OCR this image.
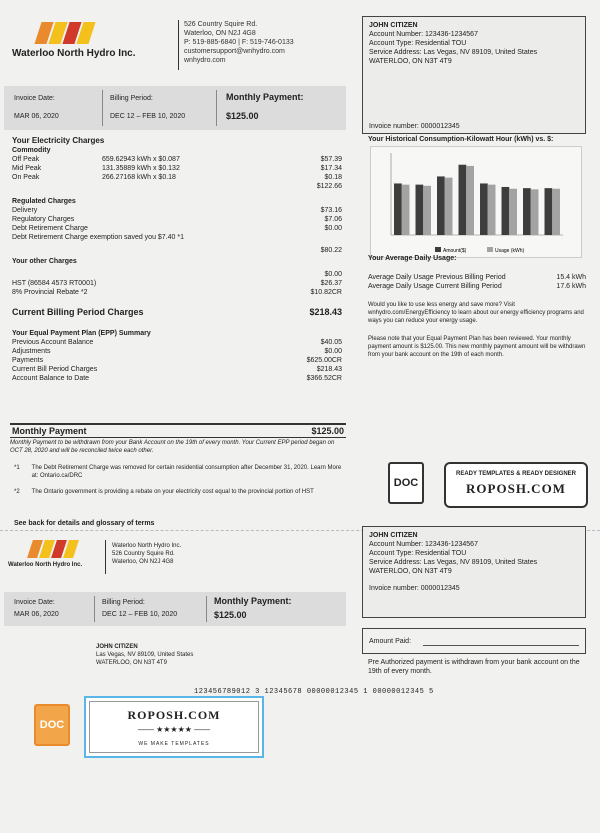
Waterloo North Hydro Inc.
526 Country Squire Rd.
Waterloo, ON N2J 4G8
P: 519-885-6840 | F: 519-746-0133
customersupport@wnhydro.com
wnhydro.com
JOHN CITIZEN
Account Number: 123436-1234567
Account Type: Residential TOU
Service Address: Las Vegas, NV 89109, United States
WATERLOO, ON N3T 4T9
Invoice number: 0000012345
Invoice Date:
MAR 06, 2020
Billing Period:
DEC 12 – FEB 10, 2020
Monthly Payment:
$125.00
Your Electricity Charges
Commodity
Off Peak	659.62943 kWh x $0.087	$57.39
Mid Peak	131.35889 kWh x $0.132	$17.34
On Peak	266.27168 kWh x $0.18	$0.18
$122.66
Regulated Charges
Delivery	$73.16
Regulatory Charges	$7.06
Debt Retirement Charge	$0.00
Debt Retirement Charge exemption saved you $7.40 *1
$80.22
Your other Charges
$0.00
HST (86584 4573 RT0001)	$26.37
8% Provincial Rebate *2	$10.82CR
Current Billing Period Charges	$218.43
Your Equal Payment Plan (EPP) Summary
Previous Account Balance	$40.05
Adjustments	$0.00
Payments	$625.00CR
Current Bill Period Charges	$218.43
Account Balance to Date	$366.52CR
Monthly Payment	$125.00
Monthly Payment to be withdrawn from your Bank Account on the 19th of every month. Your Current EPP period began on OCT 28, 2020 and will be reconciled twice each other.
*1 The Debt Retirement Charge was removed for certain residential consumption after December 31, 2020. Learn More at: Ontario.ca/DRC
*2 The Ontario government is providing a rebate on your electricity cost equal to the provincial portion of HST
See back for details and glossary of terms
Your Historical Consumption-Kilowatt Hour (kWh) vs. $:
Amount($)	Usage (kWh)
Your Average Daily Usage:
Average Daily Usage Previous Billing Period	15.4 kWh
Average Daily Usage Current Billing Period	17.6 kWh
Would you like to use less energy and save more? Visit wnhydro.com/EnergyEfficiency to learn about our energy efficiency programs and ways you can reduce your energy usage.
Please note that your Equal Payment Plan has been reviewed. Your monthly payment amount is $125.00. This new monthly payment amount will be withdrawn from your bank account on the 19th of each month.
DOC
READY TEMPLATES & READY DESIGNER
ROPOSH.COM
Waterloo North Hydro Inc.
Waterloo North Hydro Inc.
526 Country Squire Rd.
Waterloo, ON N2J 4G8
JOHN CITIZEN
Account Number: 123436-1234567
Account Type: Residential TOU
Service Address: Las Vegas, NV 89109, United States
WATERLOO, ON N3T 4T9
Invoice number: 0000012345
Invoice Date:
MAR 06, 2020
Billing Period:
DEC 12 – FEB 10, 2020
Monthly Payment:
$125.00
Amount Paid:
Pre Authorized payment is withdrawn from your bank account on the 19th of every month.
JOHN CITIZEN
Las Vegas, NV 89109, United States
WATERLOO, ON N3T 4T9
123456789012 3 12345678 00000012345 1 00000012345 5
DOC
ROPOSH.COM
—— ★★★★★ ——
WE MAKE TEMPLATES
